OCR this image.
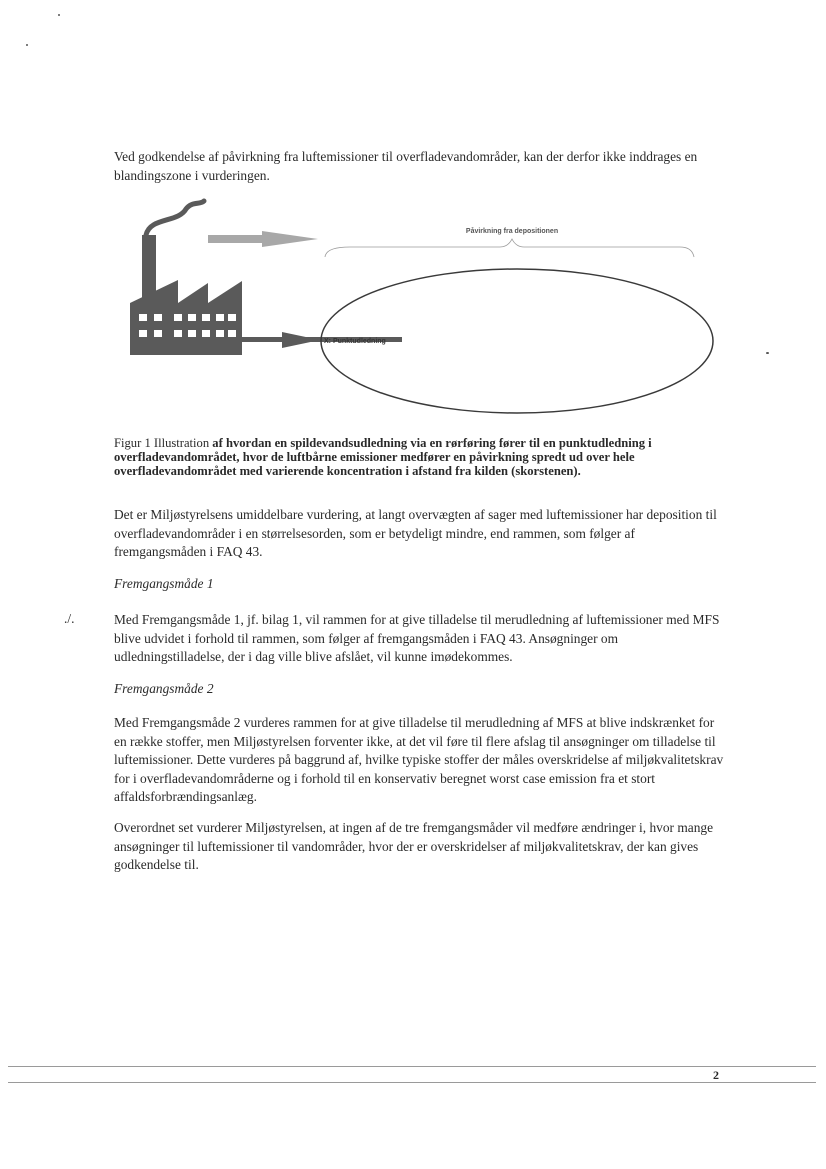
Ved godkendelse af påvirkning fra luftemissioner til overfladevandområder, kan der derfor ikke inddrages en blandingszone i vurderingen.

Påvirkning fra depositionen
X: Punktudledning

Figur 1 Illustration af hvordan en spildevandsudledning via en rørføring fører til en punktudledning i overfladevandområdet, hvor de luftbårne emissioner medfører en påvirkning spredt ud over hele overfladevandområdet med varierende koncentration i afstand fra kilden (skorstenen).

Det er Miljøstyrelsens umiddelbare vurdering, at langt overvægten af sager med luftemissioner har deposition til overfladevandområder i en størrelsesorden, som er betydeligt mindre, end rammen, som følger af fremgangsmåden i FAQ 43.

Fremgangsmåde 1

./.	Med Fremgangsmåde 1, jf. bilag 1, vil rammen for at give tilladelse til merudledning af luftemissioner med MFS blive udvidet i forhold til rammen, som følger af fremgangsmåden i FAQ 43. Ansøgninger om udledningstilladelse, der i dag ville blive afslået, vil kunne imødekommes.

Fremgangsmåde 2

Med Fremgangsmåde 2 vurderes rammen for at give tilladelse til merudledning af MFS at blive indskrænket for en række stoffer, men Miljøstyrelsen forventer ikke, at det vil føre til flere afslag til ansøgninger om tilladelse til luftemissioner. Dette vurderes på baggrund af, hvilke typiske stoffer der måles overskridelse af miljøkvalitetskrav for i overfladevandområderne og i forhold til en konservativ beregnet worst case emission fra et stort affaldsforbrændingsanlæg.

Overordnet set vurderer Miljøstyrelsen, at ingen af de tre fremgangsmåder vil medføre ændringer i, hvor mange ansøgninger til luftemissioner til vandområder, hvor der er overskridelser af miljøkvalitetskrav, der kan gives godkendelse til.

2
